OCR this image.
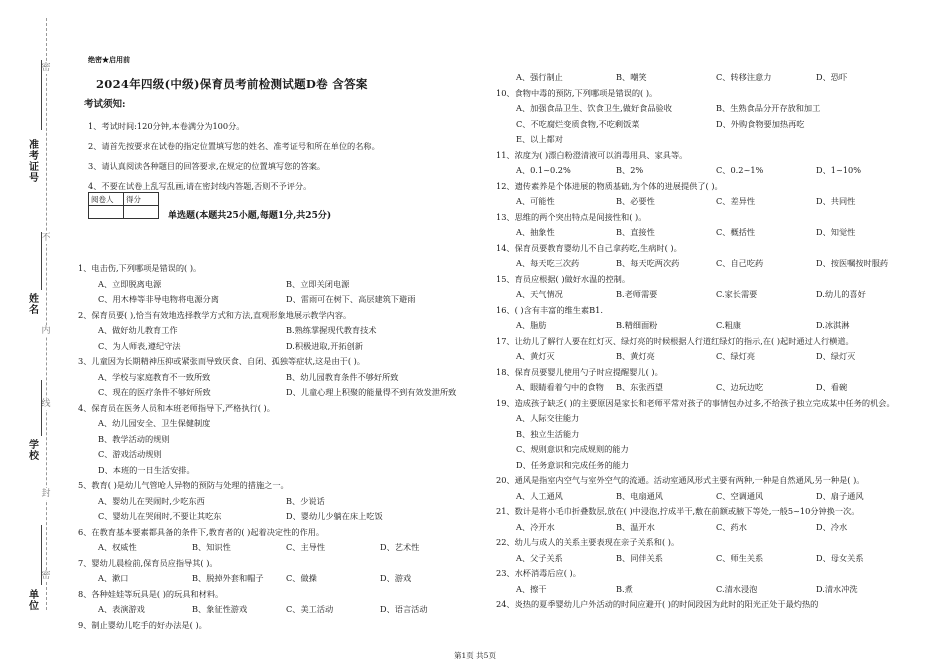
密
不
内
线
封
密
准考证号
姓名
学校
单位
绝密★启用前
2024年四级(中级)保育员考前检测试题D卷 含答案
考试须知:
1、考试时间:120分钟,本卷满分为100分。
2、请首先按要求在试卷的指定位置填写您的姓名、准考证号和所在单位的名称。
3、请认真阅读各种题目的回答要求,在规定的位置填写您的答案。
4、不要在试卷上乱写乱画,请在密封线内答题,否则不予评分。
阅卷人	得分

单选题(本题共25小题,每题1分,共25分)
1、电击伤,下列哪项是错误的( )。
A、立即脱离电源	B、立即关闭电源
C、用木棒等非导电物将电源分离	D、雷雨可在树下、高层建筑下避雨
2、保育员要( ),恰当有效地选择教学方式和方法,直观形象地展示教学内容。
A、做好幼儿教育工作	B.熟练掌握现代教育技术
C、为人师表,遵纪守法	D.积极进取,开拓创新
3、儿童因为长期精神压抑或紧张而导致厌食、自闭、孤独等症状,这是由于( )。
A、学校与家庭教育不一致所致	B、幼儿园教育条件不够好所致
C、现在的医疗条件不够好所致	D、儿童心理上积聚的能量得不到有效发泄所致
4、保育员在医务人员和本班老师指导下,严格执行( )。
A、幼儿园安全、卫生保健制度
B、教学活动的规则
C、游戏活动规则
D、本班的一日生活安排。
5、教育( )是幼儿气管呛人异物的预防与处理的措施之一。
A、婴幼儿在哭闹时,少吃东西	B、少说话
C、婴幼儿在哭闹时,不要让其吃东	D、婴幼儿少躺在床上吃饭
6、在教育基本要素都具备的条件下,教育者的( )起着决定性的作用。
A、权威性	B、知识性	C、主导性	D、艺术性
7、婴幼儿晨检前,保育员应指导其( )。
A、漱口	B、脱掉外套和帽子	C、做操	D、游戏
8、各种娃娃等玩具是( )的玩具和材料。
A、表演游戏	B、象征性游戏	C、美工活动	D、语言活动
9、制止婴幼儿吃手的好办法是( )。
A、强行制止	B、嘲笑	C、转移注意力	D、恐吓
10、食物中毒的预防,下列哪项是错误的( )。
A、加强食品卫生、饮食卫生,做好食品验收	B、生熟食品分开存放和加工
C、不吃腐烂变质食物,不吃剩饭菜	D、外购食物要加热再吃
E、以上都对
11、浓度为( )漂白粉澄清液可以消毒用具、家具等。
A、0.1~0.2%	B、2%	C、0.2~1%	D、1~10%
12、遗传素养是个体进展的物质基础,为个体的进展提供了( )。
A、可能性	B、必要性	C、差异性	D、共同性
13、思维的两个突出特点是间接性和( )。
A、抽象性	B、直接性	C、概括性	D、知觉性
14、保育员要教育婴幼儿不自己拿药吃,生病时( )。
A、每天吃三次药	B、每天吃两次药	C、自己吃药	D、按医嘱按时服药
15、育员应根据( )做好水温的控制。
A、天气情况	B.老师需要	C.家长需要	D.幼儿的喜好
16、( )含有丰富的维生素B1.
A、脂肪	B.精细面粉	C.粗康	D.冰淇淋
17、让幼儿了解行人要在红灯灭、绿灯亮的时候根据人行道红绿灯的指示,在( )起时通过人行横道。
A、黄灯灭	B、黄灯亮	C、绿灯亮	D、绿灯灭
18、保育员要婴儿使用勺子时应提醒婴儿( )。
A、眼睛看着勺中的食物	B、东张西望	C、边玩边吃	D、看碗
19、造成孩子缺乏( )的主要原因是家长和老师平常对孩子的事情包办过多,不给孩子独立完成某中任务的机会。
A、人际交往能力
B、独立生活能力
C、规则意识和完成规则的能力
D、任务意识和完成任务的能力
20、通风是指室内空气与室外空气的流通。活动室通风形式主要有两种,一种是自然通风,另一种是( )。
A、人工通风	B、电扇通风	C、空调通风	D、扇子通风
21、数计是将小毛巾折叠数层,放在( )中浸泡,拧成半干,敷在前额或腋下等处,一般5~10分钟换一次。
A、冷开水	B、温开水	C、药水	D、冷水
22、幼儿与成人的关系主要表现在亲子关系和( )。
A、父子关系	B、同伴关系	C、师生关系	D、母女关系
23、水杯消毒后应( )。
A、擦干	B.煮	C.清水浸泡	D.清水冲洗
24、炎热的夏季婴幼儿户外活动的时间应避开( )的时间段因为此时的阳光正处于最灼热的
第1页 共5页
